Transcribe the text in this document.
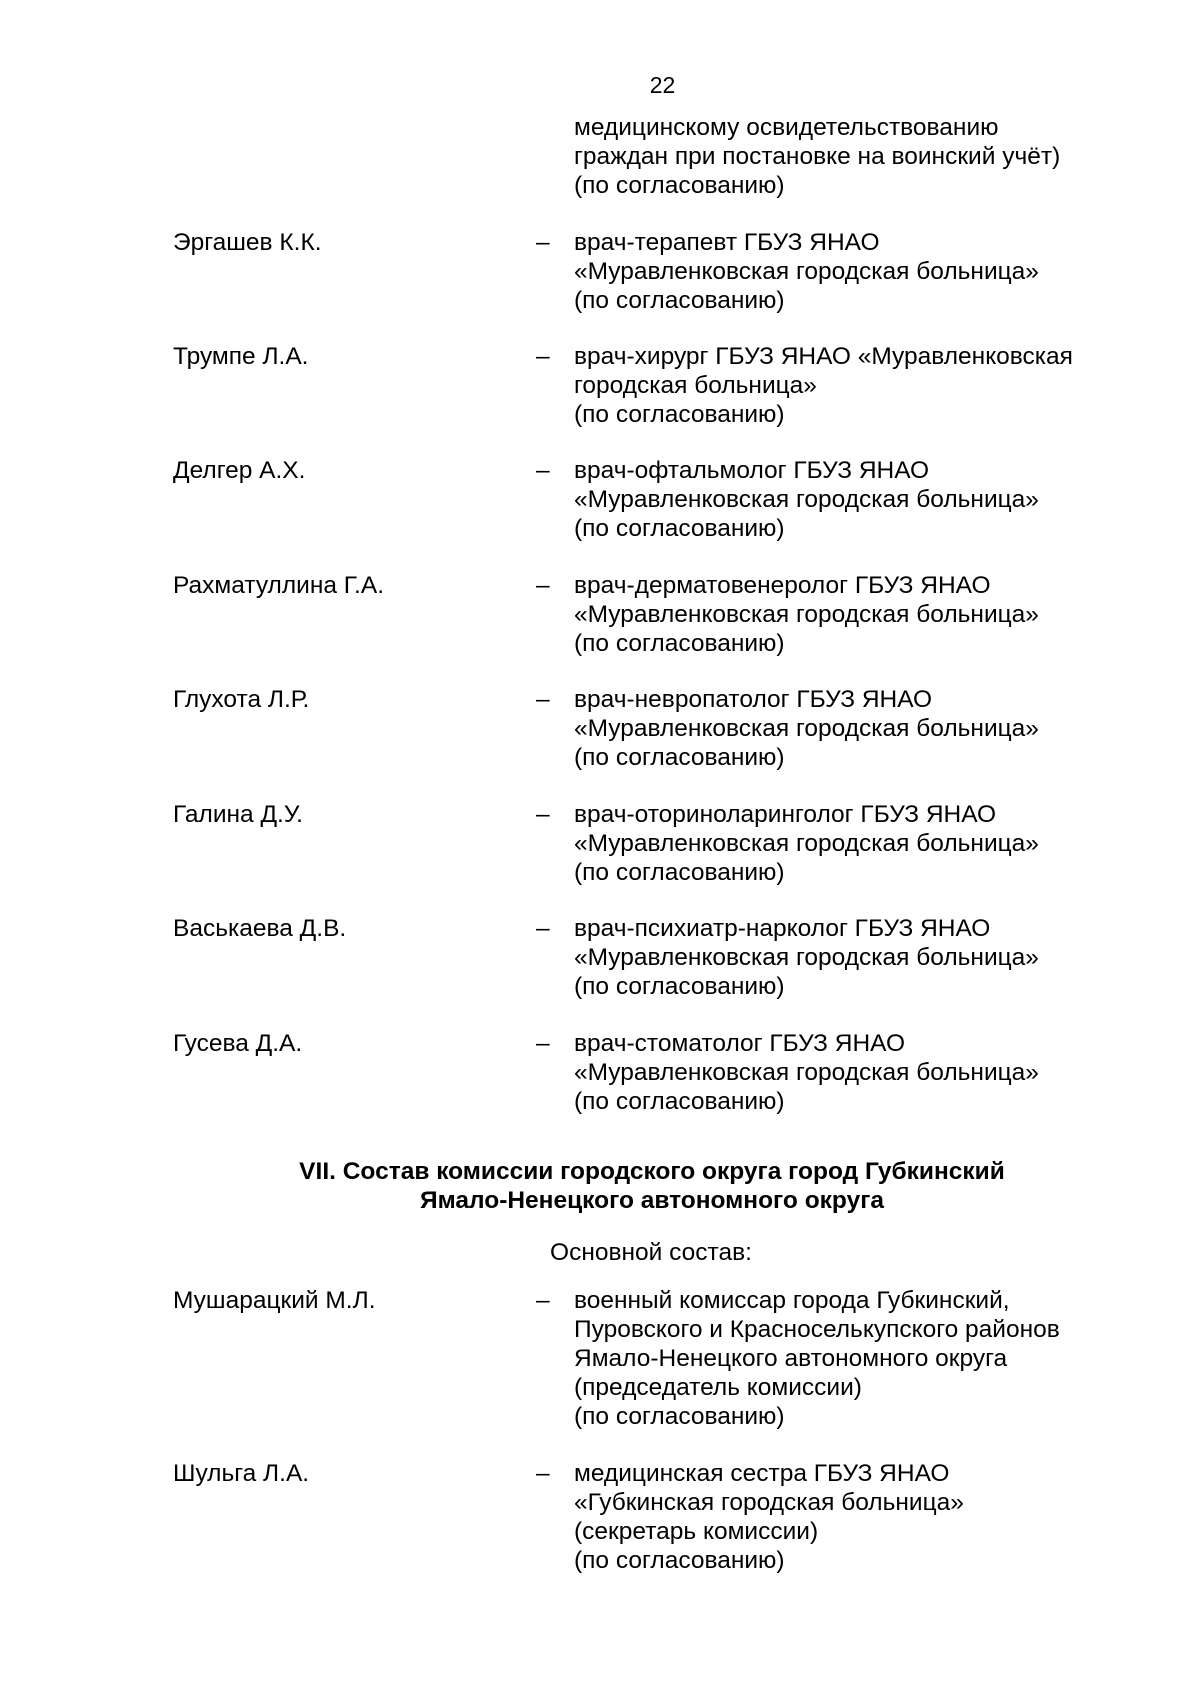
22
медицинскому освидетельствованию
граждан при постановке на воинский учёт)
(по согласованию)
Эргашев К.К.	– врач-терапевт ГБУЗ ЯНАО
«Муравленковская городская больница»
(по согласованию)
Трумпе Л.А.	– врач-хирург ГБУЗ ЯНАО «Муравленковская
городская больница»
(по согласованию)
Делгер А.Х.	– врач-офтальмолог ГБУЗ ЯНАО
«Муравленковская городская больница»
(по согласованию)
Рахматуллина Г.А.	– врач-дерматовенеролог ГБУЗ ЯНАО
«Муравленковская городская больница»
(по согласованию)
Глухота Л.Р.	– врач-невропатолог ГБУЗ ЯНАО
«Муравленковская городская больница»
(по согласованию)
Галина Д.У.	– врач-оториноларинголог ГБУЗ ЯНАО
«Муравленковская городская больница»
(по согласованию)
Васькаева Д.В.	– врач-психиатр-нарколог ГБУЗ ЯНАО
«Муравленковская городская больница»
(по согласованию)
Гусева Д.А.	– врач-стоматолог ГБУЗ ЯНАО
«Муравленковская городская больница»
(по согласованию)
VII. Состав комиссии городского округа город Губкинский
Ямало-Ненецкого автономного округа
Основной состав:
Мушарацкий М.Л.	– военный комиссар города Губкинский,
Пуровского и Красноселькупского районов
Ямало-Ненецкого автономного округа
(председатель комиссии)
(по согласованию)
Шульга Л.А.	– медицинская сестра ГБУЗ ЯНАО
«Губкинская городская больница»
(секретарь комиссии)
(по согласованию)
